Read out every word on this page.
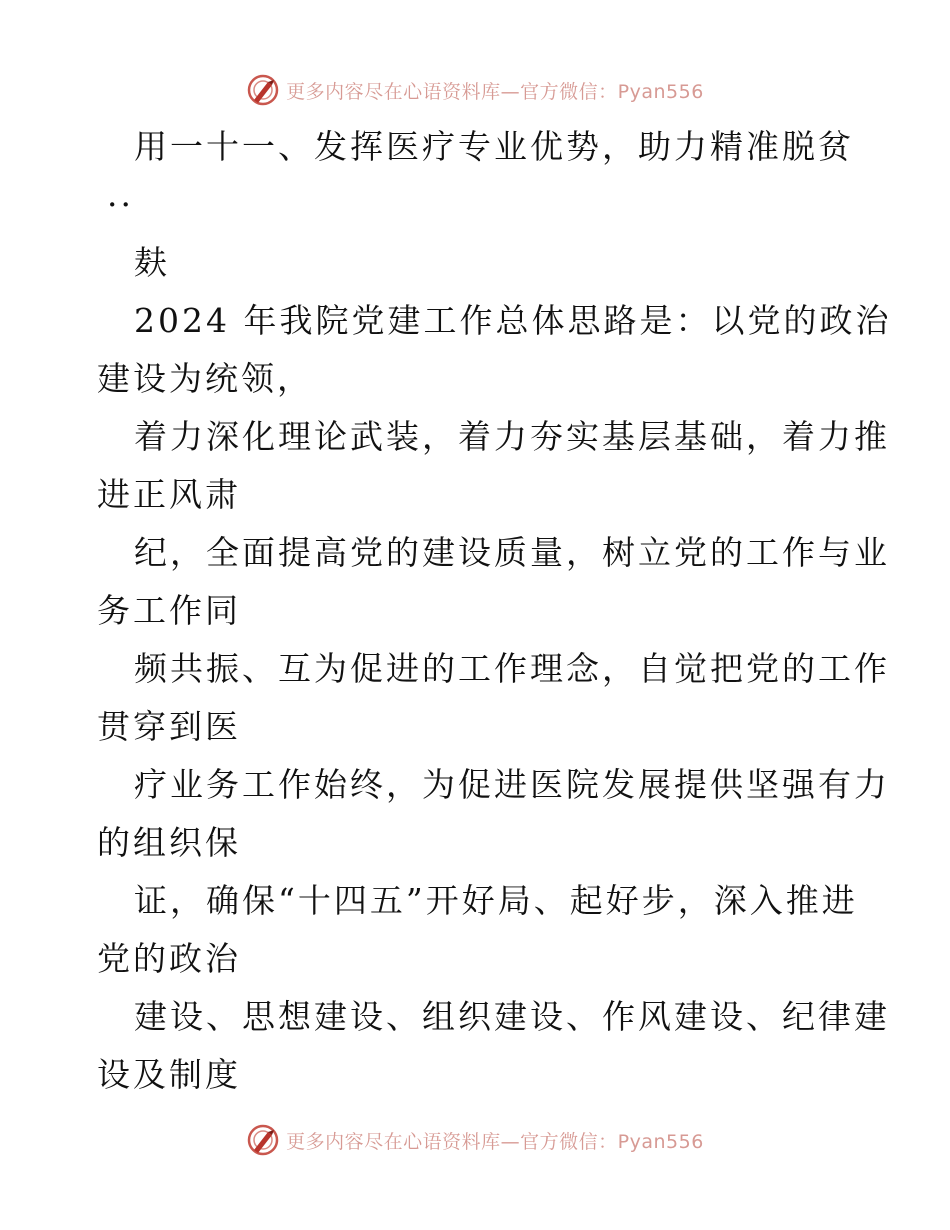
更多内容尽在心语资料库—官方微信：Pyan556
用一十一、发挥医疗专业优势，助力精准脱贫
··
麸
2024 年我院党建工作总体思路是：以党的政治
建设为统领，
着力深化理论武装，着力夯实基层基础，着力推
进正风肃
纪，全面提高党的建设质量，树立党的工作与业
务工作同
频共振、互为促进的工作理念，自觉把党的工作
贯穿到医
疗业务工作始终，为促进医院发展提供坚强有力
的组织保
证，确保“十四五”开好局、起好步，深入推进
党的政治
建设、思想建设、组织建设、作风建设、纪律建
设及制度
更多内容尽在心语资料库—官方微信：Pyan556
